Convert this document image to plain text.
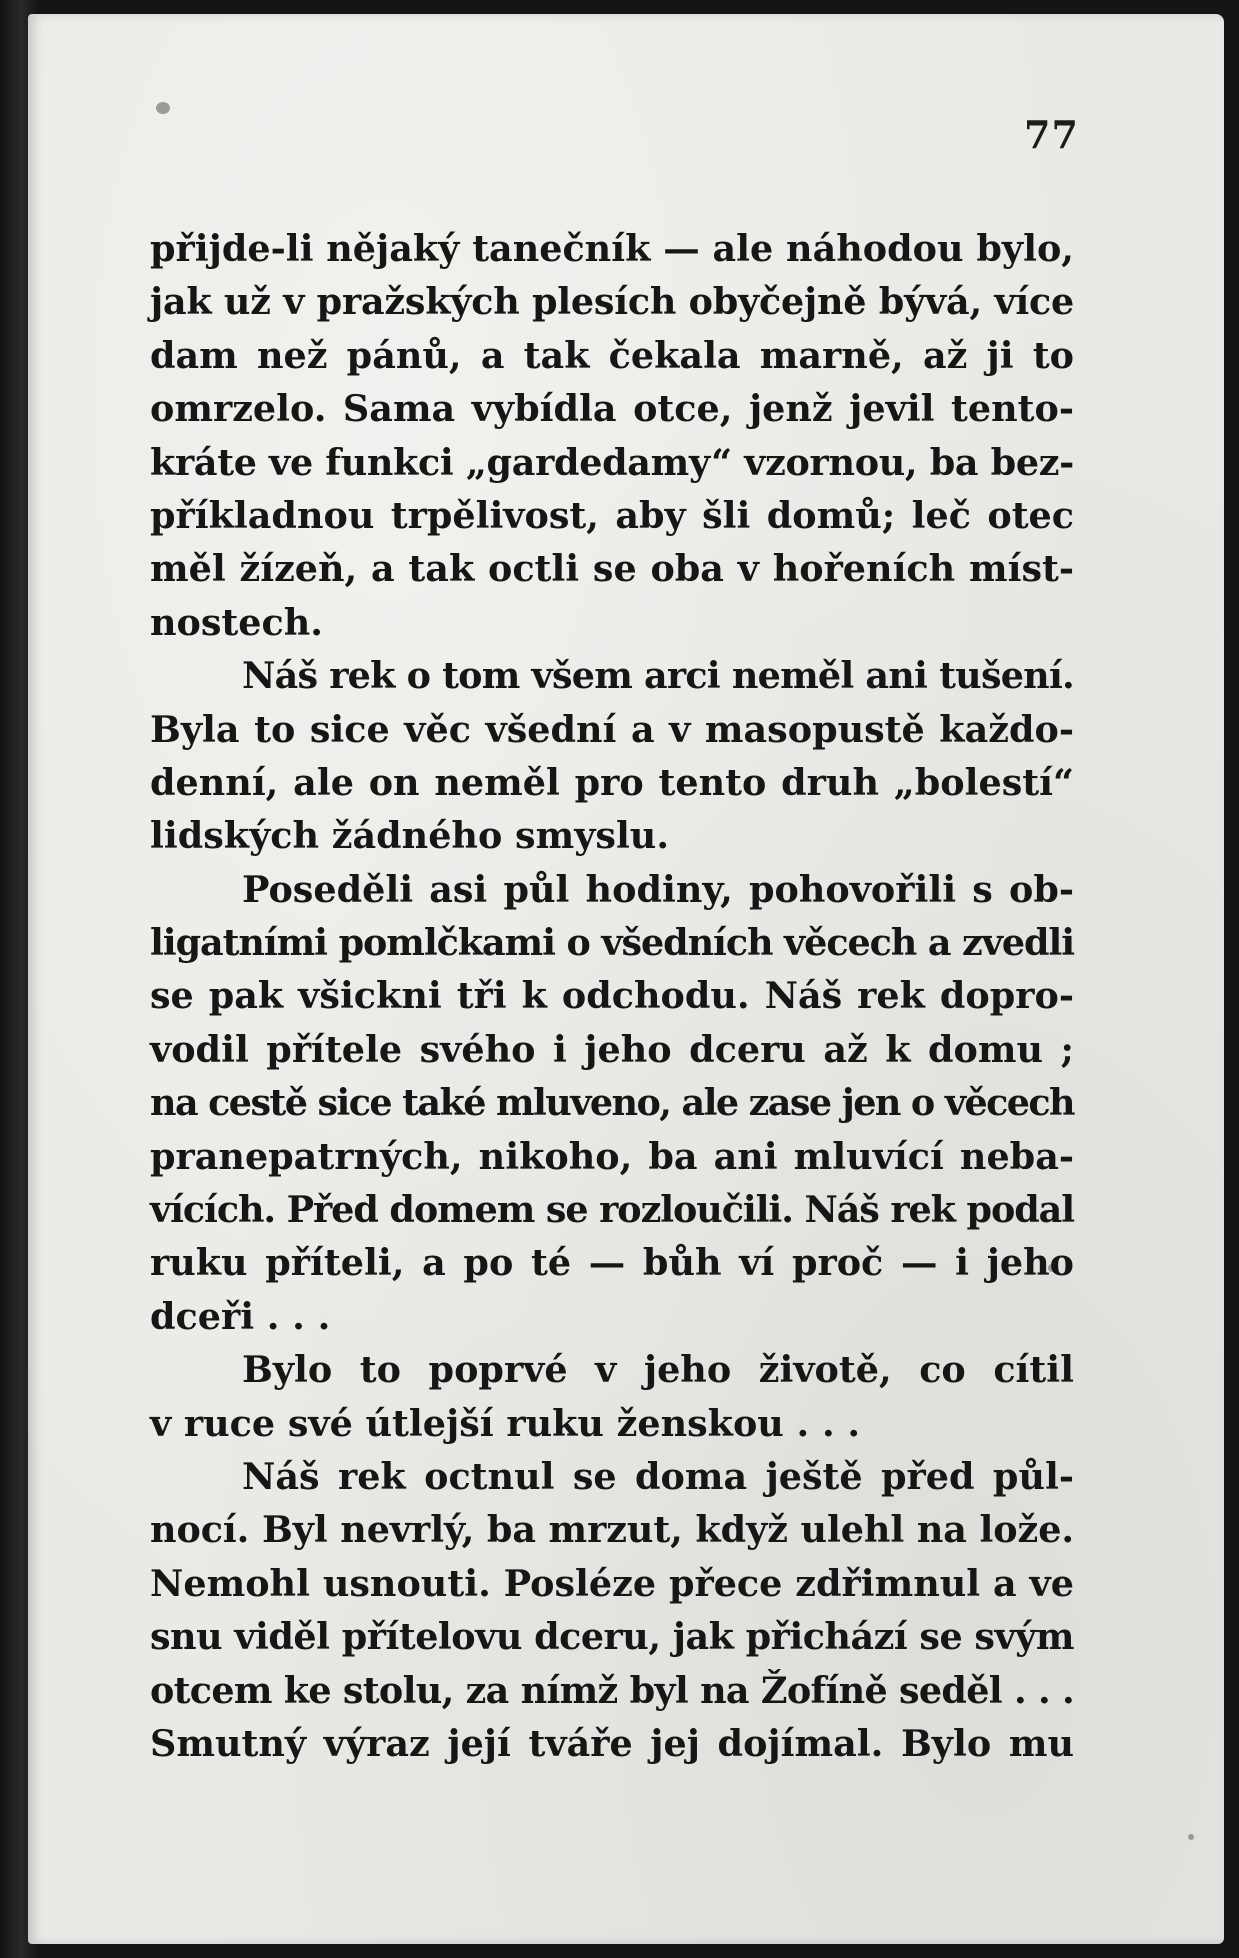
77
přijde-li nějaký tanečník — ale náhodou bylo,
jak už v pražských plesích obyčejně bývá, více
dam než pánů, a tak čekala marně, až ji to
omrzelo. Sama vybídla otce, jenž jevil tento-
kráte ve funkci „gardedamy“ vzornou, ba bez-
příkladnou trpělivost, aby šli domů; leč otec
měl žízeň, a tak octli se oba v hořeních míst-
nostech.
Náš rek o tom všem arci neměl ani tušení.
Byla to sice věc všední a v masopustě každo-
denní, ale on neměl pro tento druh „bolestí“
lidských žádného smyslu.
Poseděli asi půl hodiny, pohovořili s ob-
ligatními pomlčkami o všedních věcech a zvedli
se pak všickni tři k odchodu. Náš rek dopro-
vodil přítele svého i jeho dceru až k domu ;
na cestě sice také mluveno, ale zase jen o věcech
pranepatrných, nikoho, ba ani mluvící neba-
vících. Před domem se rozloučili. Náš rek podal
ruku příteli, a po té — bůh ví proč — i jeho
dceři . . .
Bylo to poprvé v jeho životě, co cítil
v ruce své útlejší ruku ženskou . . .
Náš rek octnul se doma ještě před půl-
nocí. Byl nevrlý, ba mrzut, když ulehl na lože.
Nemohl usnouti. Posléze přece zdřimnul a ve
snu viděl přítelovu dceru, jak přichází se svým
otcem ke stolu, za nímž byl na Žofíně seděl . . .
Smutný výraz její tváře jej dojímal. Bylo mu
